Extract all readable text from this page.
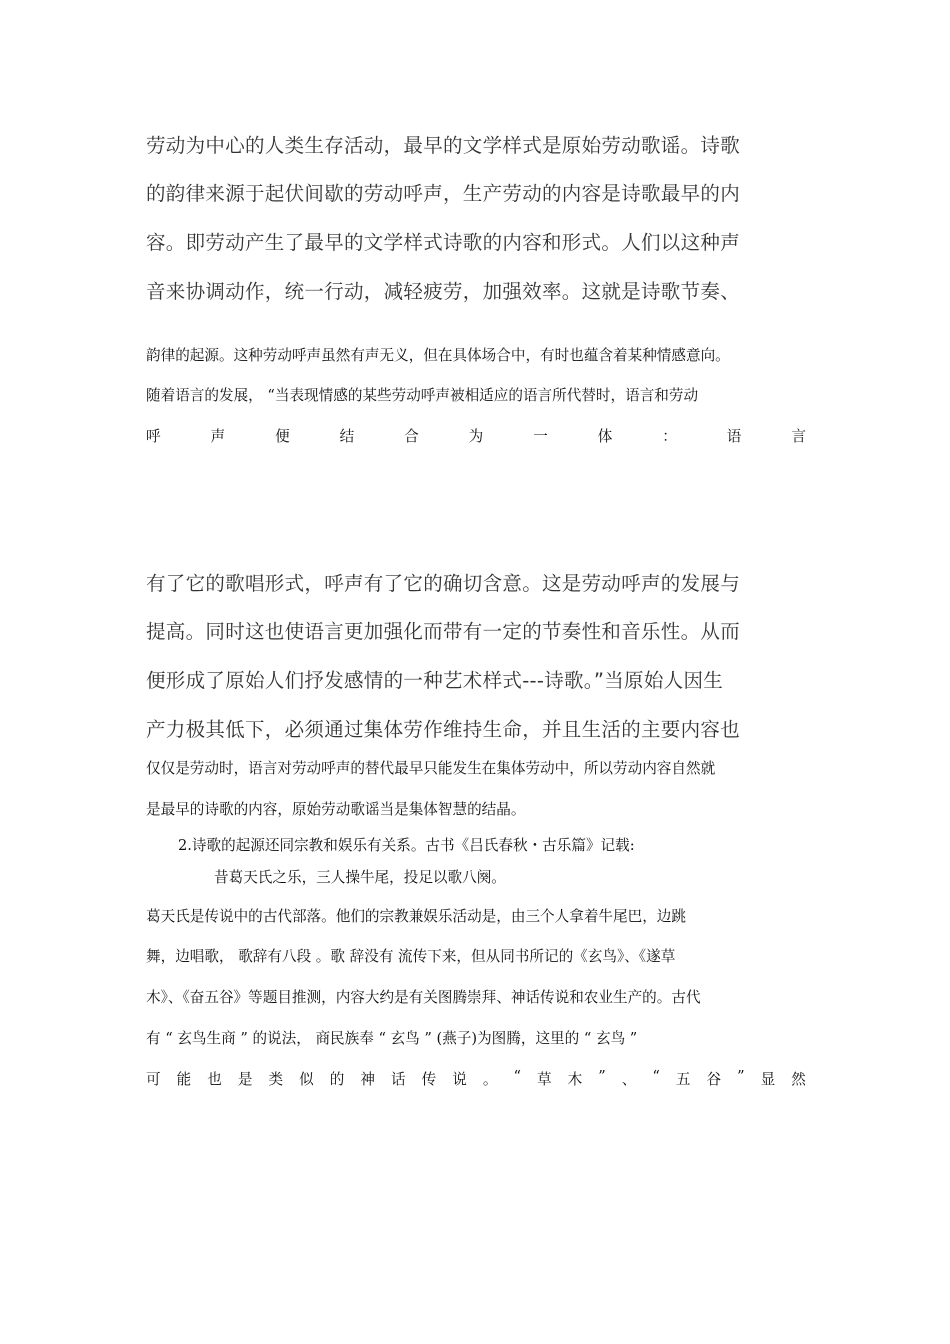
劳动为中心的人类生存活动，最早的文学样式是原始劳动歌谣。诗歌
的韵律来源于起伏间歇的劳动呼声，生产劳动的内容是诗歌最早的内
容。即劳动产生了最早的文学样式诗歌的内容和形式。人们以这种声
音来协调动作，统一行动，减轻疲劳，加强效率。这就是诗歌节奏、
韵律的起源。这种劳动呼声虽然有声无义，但在具体场合中，有时也蕴含着某种情感意向。
随着语言的发展， “当表现情感的某些劳动呼声被相适应的语言所代替时，语言和劳动
呼	声	便	结	合	为	一	体	：	语	言
有了它的歌唱形式，呼声有了它的确切含意。这是劳动呼声的发展与
提高。同时这也使语言更加强化而带有一定的节奏性和音乐性。从而
便形成了原始人们抒发感情的一种艺术样式---诗歌。”当原始人因生
产力极其低下，必须通过集体劳作维持生命，并且生活的主要内容也
仅仅是劳动时，语言对劳动呼声的替代最早只能发生在集体劳动中，所以劳动内容自然就
是最早的诗歌的内容，原始劳动歌谣当是集体智慧的结晶。
2.诗歌的起源还同宗教和娱乐有关系。古书《吕氏春秋・古乐篇》记载:
昔葛天氏之乐，三人操牛尾，投足以歌八阕。
葛天氏是传说中的古代部落。他们的宗教兼娱乐活动是，由三个人拿着牛尾巴，边跳
舞，边唱歌， 歌辞有八段 。歌 辞没有 流传下来，但从同书所记的《玄鸟》、《遂草
木》、《奋五谷》等题目推测，内容大约是有关图腾崇拜、神话传说和农业生产的。古代
有 “ 玄鸟生商 ” 的说法， 商民族奉 “ 玄鸟 ” (燕子)为图腾，这里的 “ 玄鸟 ”
可 能 也 是 类 似 的 神 话 传 说 。 “ 草 木 ” 、 “ 五 谷 ” 显 然
